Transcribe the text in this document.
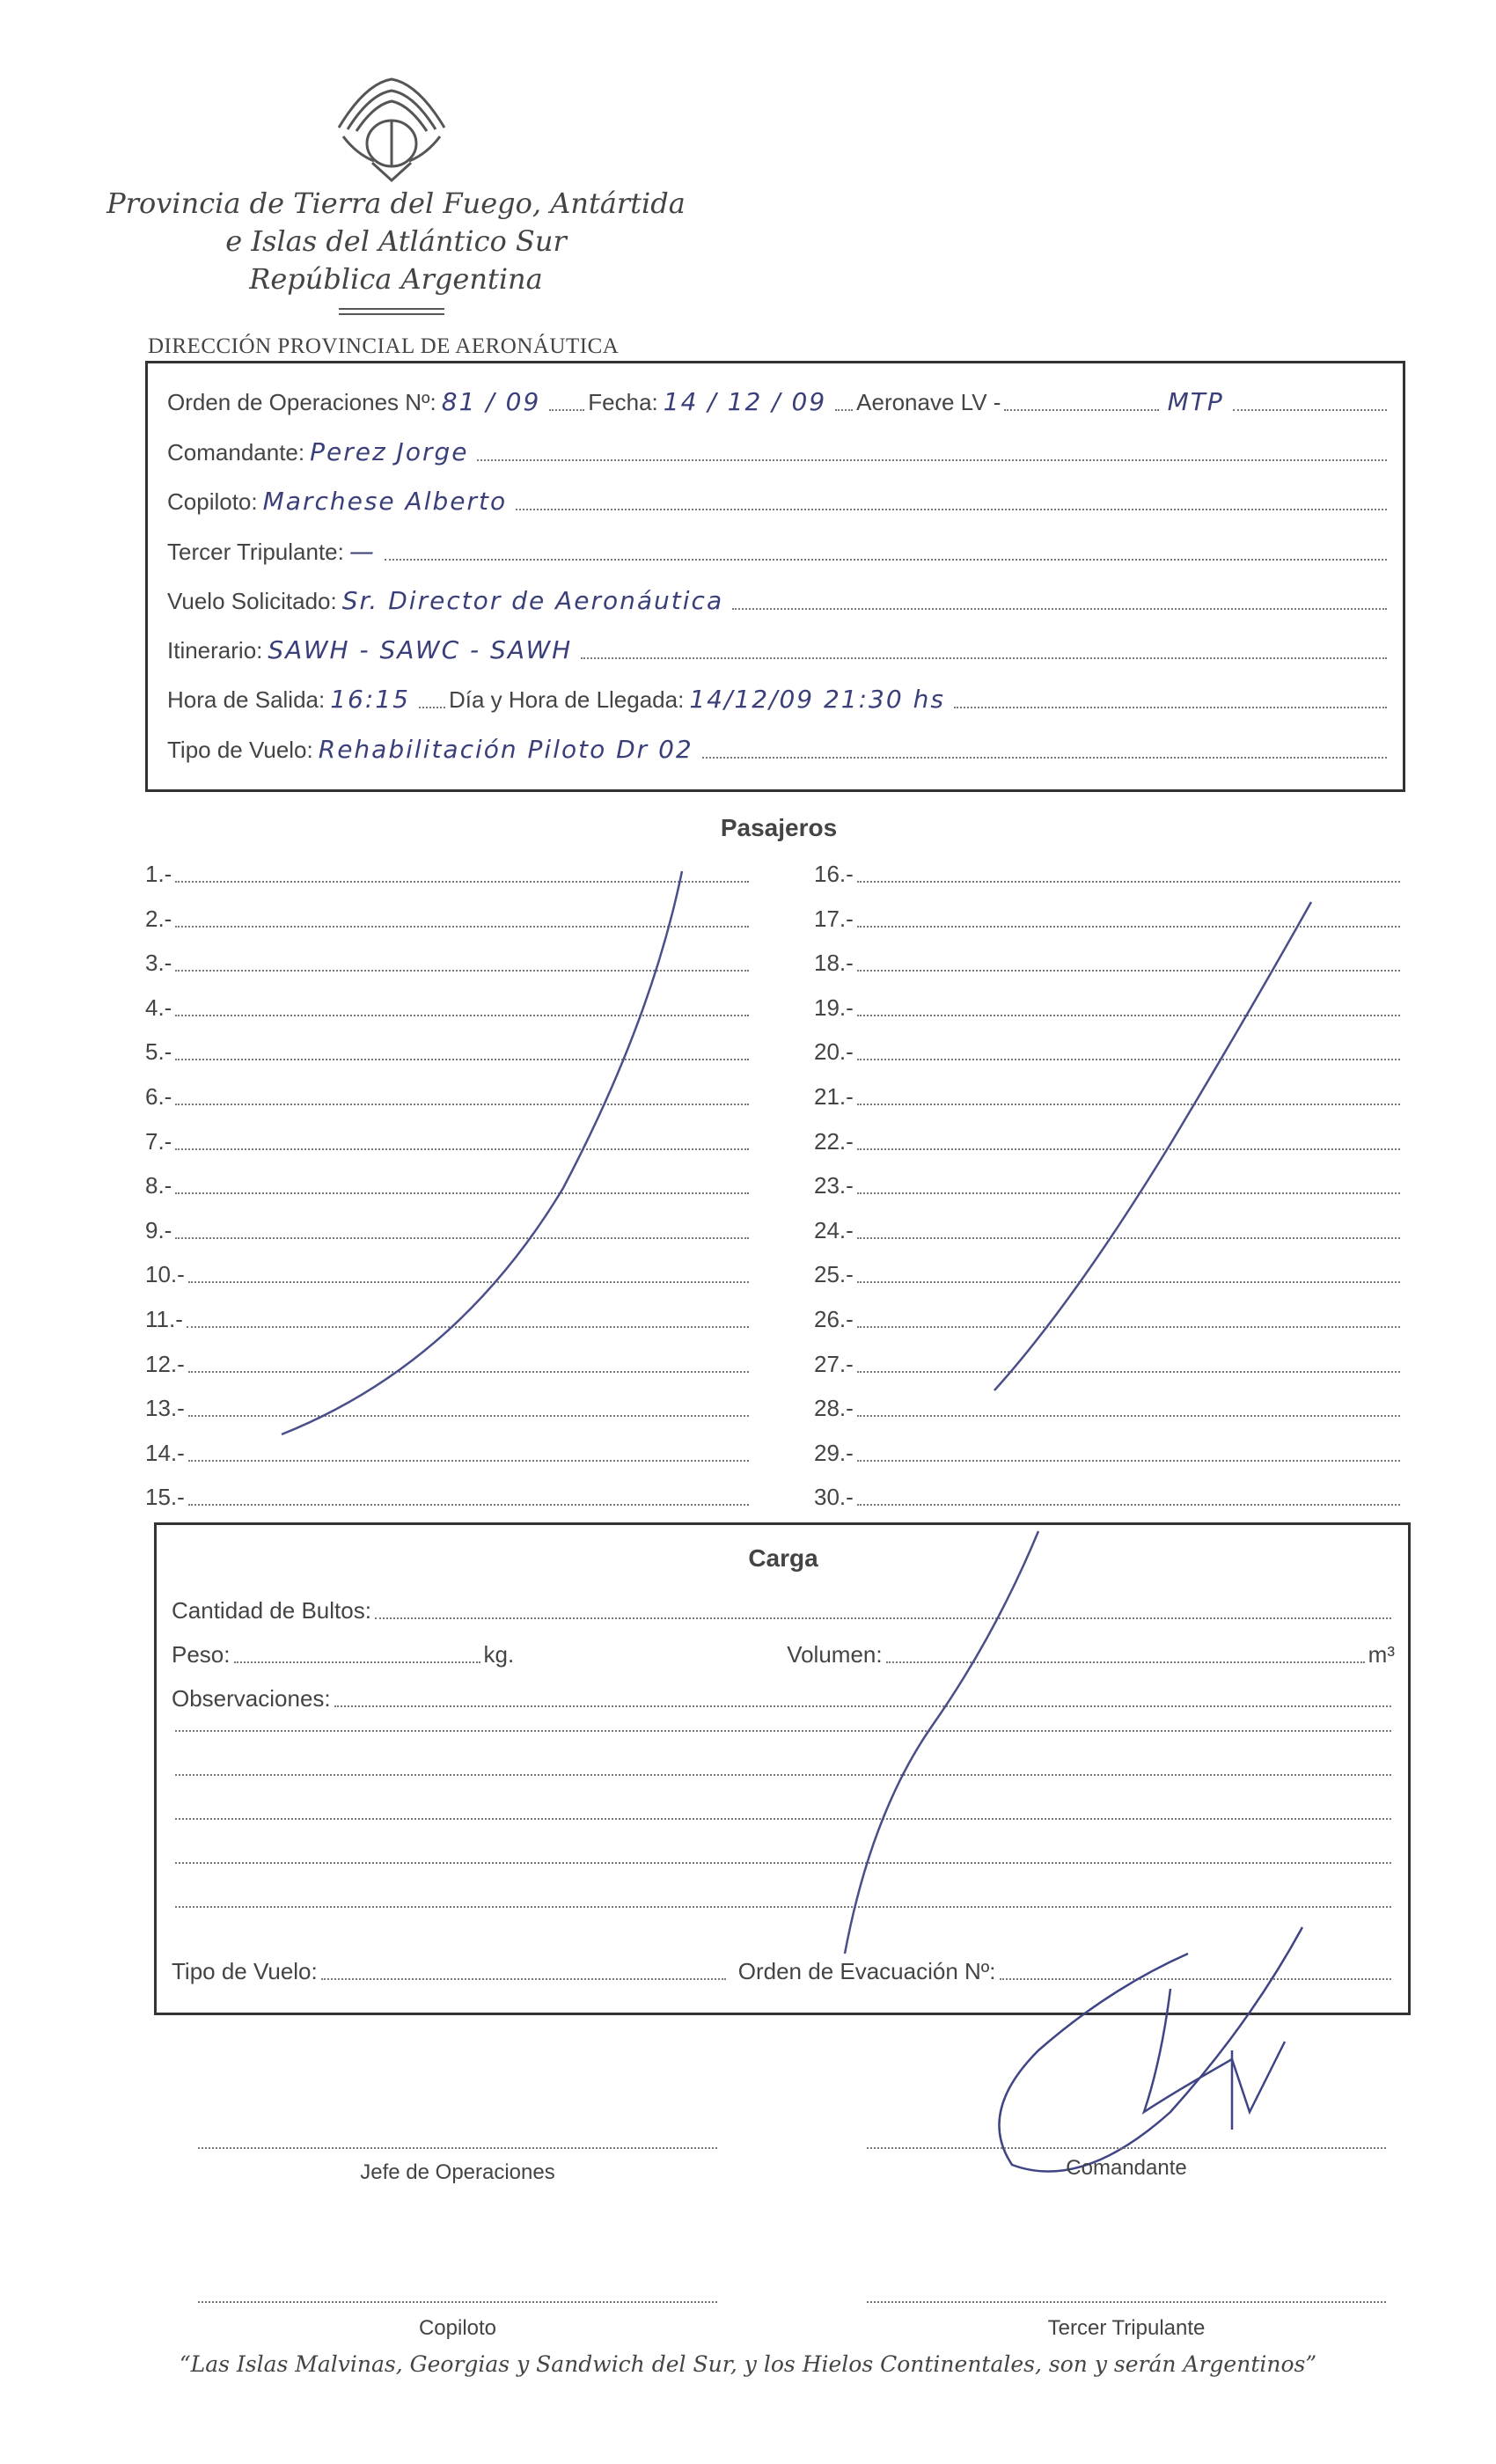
Provincia de Tierra del Fuego, Antártida
e Islas del Atlántico Sur
República Argentina
DIRECCIÓN PROVINCIAL DE AERONÁUTICA
Orden de Operaciones Nº: 81 / 09 Fecha: 14 / 12 / 09 Aeronave LV -	MTP
Comandante: Perez Jorge
Copiloto: Marchese Alberto
Tercer Tripulante: —
Vuelo Solicitado: Sr. Director de Aeronáutica
Itinerario: SAWH - SAWC - SAWH
Hora de Salida: 16:15 Día y Hora de Llegada: 14/12/09 21:30 hs
Tipo de Vuelo: Rehabilitación Piloto Dr 02
Pasajeros
1.-
2.-
3.-
4.-
5.-
6.-
7.-
8.-
9.-
10.-
11.-
12.-
13.-
14.-
15.-
16.-
17.-
18.-
19.-
20.-
21.-
22.-
23.-
24.-
25.-
26.-
27.-
28.-
29.-
30.-
Carga
Cantidad de Bultos:
Peso:	kg.	Volumen:	m³
Observaciones:
Tipo de Vuelo:	Orden de Evacuación Nº:
Jefe de Operaciones	Comandante
Copiloto	Tercer Tripulante
“Las Islas Malvinas, Georgias y Sandwich del Sur, y los Hielos Continentales, son y serán Argentinos”
